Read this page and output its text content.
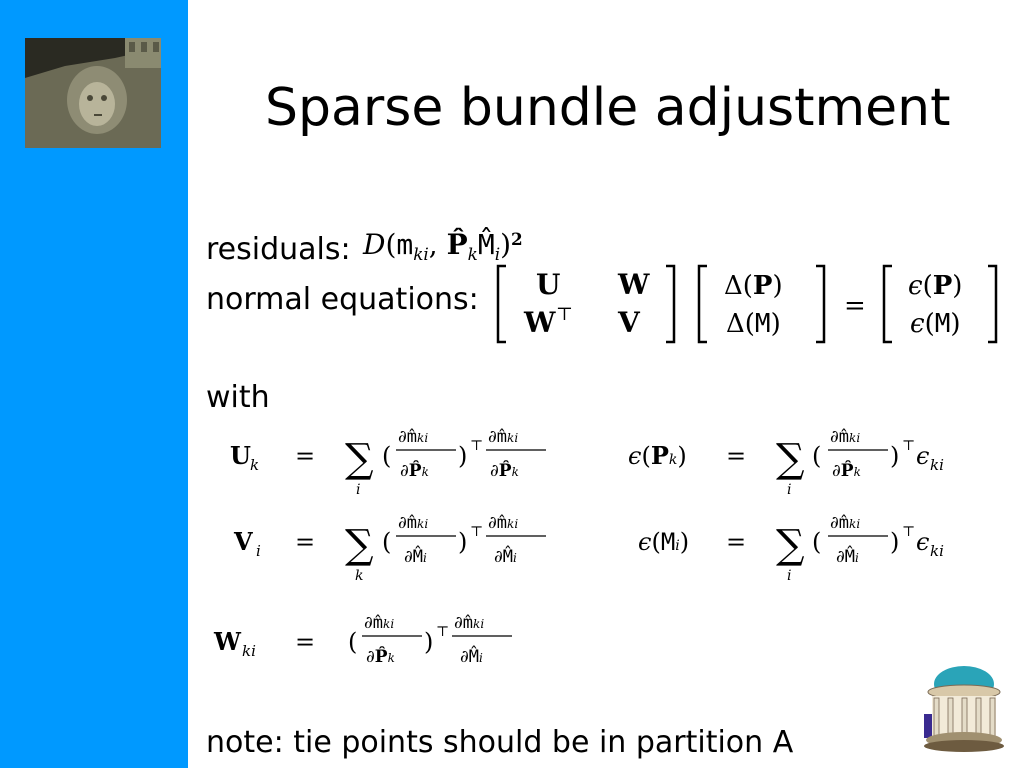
Sparse bundle adjustment
residuals: $D(m_{ki}$, $P̂_kM̂_i)^2$
normal equations: U W
W V
⊤
Δ(P)
Δ(M)
=
ϵ(P)
ϵ(M)
with
U k = ∑
i
(
∂m̂ki
∂P̂k
) ⊤ ∂m̂ki
∂P̂k
ϵ(Pk) = ∑
i
(
∂m̂ki
∂P̂k
) ⊤ ϵ ki
V i = ∑
k
(
∂m̂ki
∂M̂i
) ⊤ ∂m̂ki
∂M̂i
ϵ(Mi) = ∑
i
(
∂m̂ki
∂M̂i
) ⊤ ϵ ki
W ki = (
∂m̂ki
∂P̂k
) ⊤ ∂m̂ki
∂M̂i
note: tie points should be in partition A
